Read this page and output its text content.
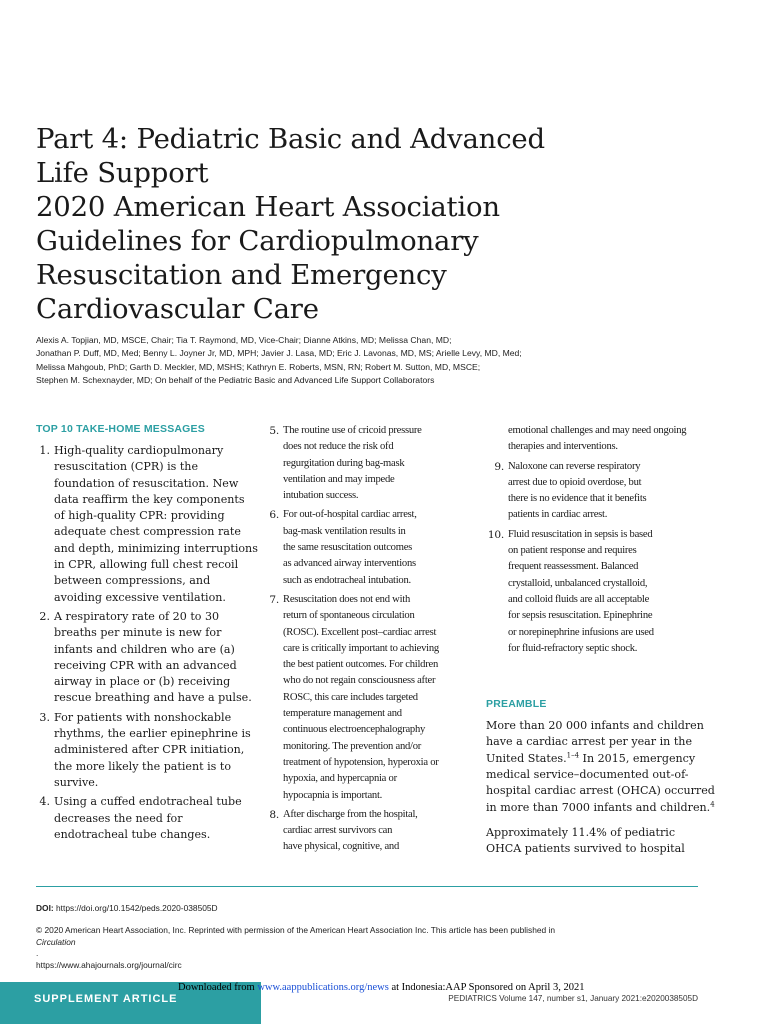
Part 4: Pediatric Basic and Advanced
Life Support
2020 American Heart Association
Guidelines for Cardiopulmonary
Resuscitation and Emergency
Cardiovascular Care
Alexis A. Topjian, MD, MSCE, Chair; Tia T. Raymond, MD, Vice-Chair; Dianne Atkins, MD; Melissa Chan, MD;
Jonathan P. Duff, MD, Med; Benny L. Joyner Jr, MD, MPH; Javier J. Lasa, MD; Eric J. Lavonas, MD, MS; Arielle Levy, MD, Med;
Melissa Mahgoub, PhD; Garth D. Meckler, MD, MSHS; Kathryn E. Roberts, MSN, RN; Robert M. Sutton, MD, MSCE;
Stephen M. Schexnayder, MD; On behalf of the Pediatric Basic and Advanced Life Support Collaborators
TOP 10 TAKE-HOME MESSAGES
1. High-quality cardiopulmonary
resuscitation (CPR) is the
foundation of resuscitation. New
data reaffirm the key components
of high-quality CPR: providing
adequate chest compression rate
and depth, minimizing interruptions
in CPR, allowing full chest recoil
between compressions, and
avoiding excessive ventilation.
2. A respiratory rate of 20 to 30
breaths per minute is new for
infants and children who are (a)
receiving CPR with an advanced
airway in place or (b) receiving
rescue breathing and have a pulse.
3. For patients with nonshockable
rhythms, the earlier epinephrine is
administered after CPR initiation,
the more likely the patient is to
survive.
4. Using a cuffed endotracheal tube
decreases the need for
endotracheal tube changes.
5. The routine use of cricoid pressure
does not reduce the risk ofd
regurgitation during bag-mask
ventilation and may impede
intubation success.
6. For out-of-hospital cardiac arrest,
bag-mask ventilation results in
the same resuscitation outcomes
as advanced airway interventions
such as endotracheal intubation.
7. Resuscitation does not end with
return of spontaneous circulation
(ROSC). Excellent post–cardiac arrest
care is critically important to achieving
the best patient outcomes. For children
who do not regain consciousness after
ROSC, this care includes targeted
temperature management and
continuous electroencephalography
monitoring. The prevention and/or
treatment of hypotension, hyperoxia or
hypoxia, and hypercapnia or
hypocapnia is important.
8. After discharge from the hospital,
cardiac arrest survivors can
have physical, cognitive, and
emotional challenges and may need ongoing therapies and interventions.
9. Naloxone can reverse respiratory
arrest due to opioid overdose, but
there is no evidence that it benefits
patients in cardiac arrest.
10. Fluid resuscitation in sepsis is based
on patient response and requires
frequent reassessment. Balanced
crystalloid, unbalanced crystalloid,
and colloid fluids are all acceptable
for sepsis resuscitation. Epinephrine
or norepinephrine infusions are used
for fluid-refractory septic shock.
PREAMBLE

More than 20 000 infants and children
have a cardiac arrest per year in the
United States.$^{1-4}$ In 2015, emergency
medical service–documented out-of-
hospital cardiac arrest (OHCA) occurred
in more than 7000 infants and children.$^4$

Approximately 11.4% of pediatric
OHCA patients survived to hospital

DOI: https://doi.org/10.1542/peds.2020-038505D
© 2020 American Heart Association, Inc. Reprinted with permission of the American Heart Association Inc. This article has been published in
Circulation
.
https://www.ahajournals.org/journal/circ
SUPPLEMENT ARTICLE
Downloaded from www.aappublications.org/news at Indonesia:AAP Sponsored on April 3, 2021
PEDIATRICS Volume 147, number s1, January 2021:e2020038505D
